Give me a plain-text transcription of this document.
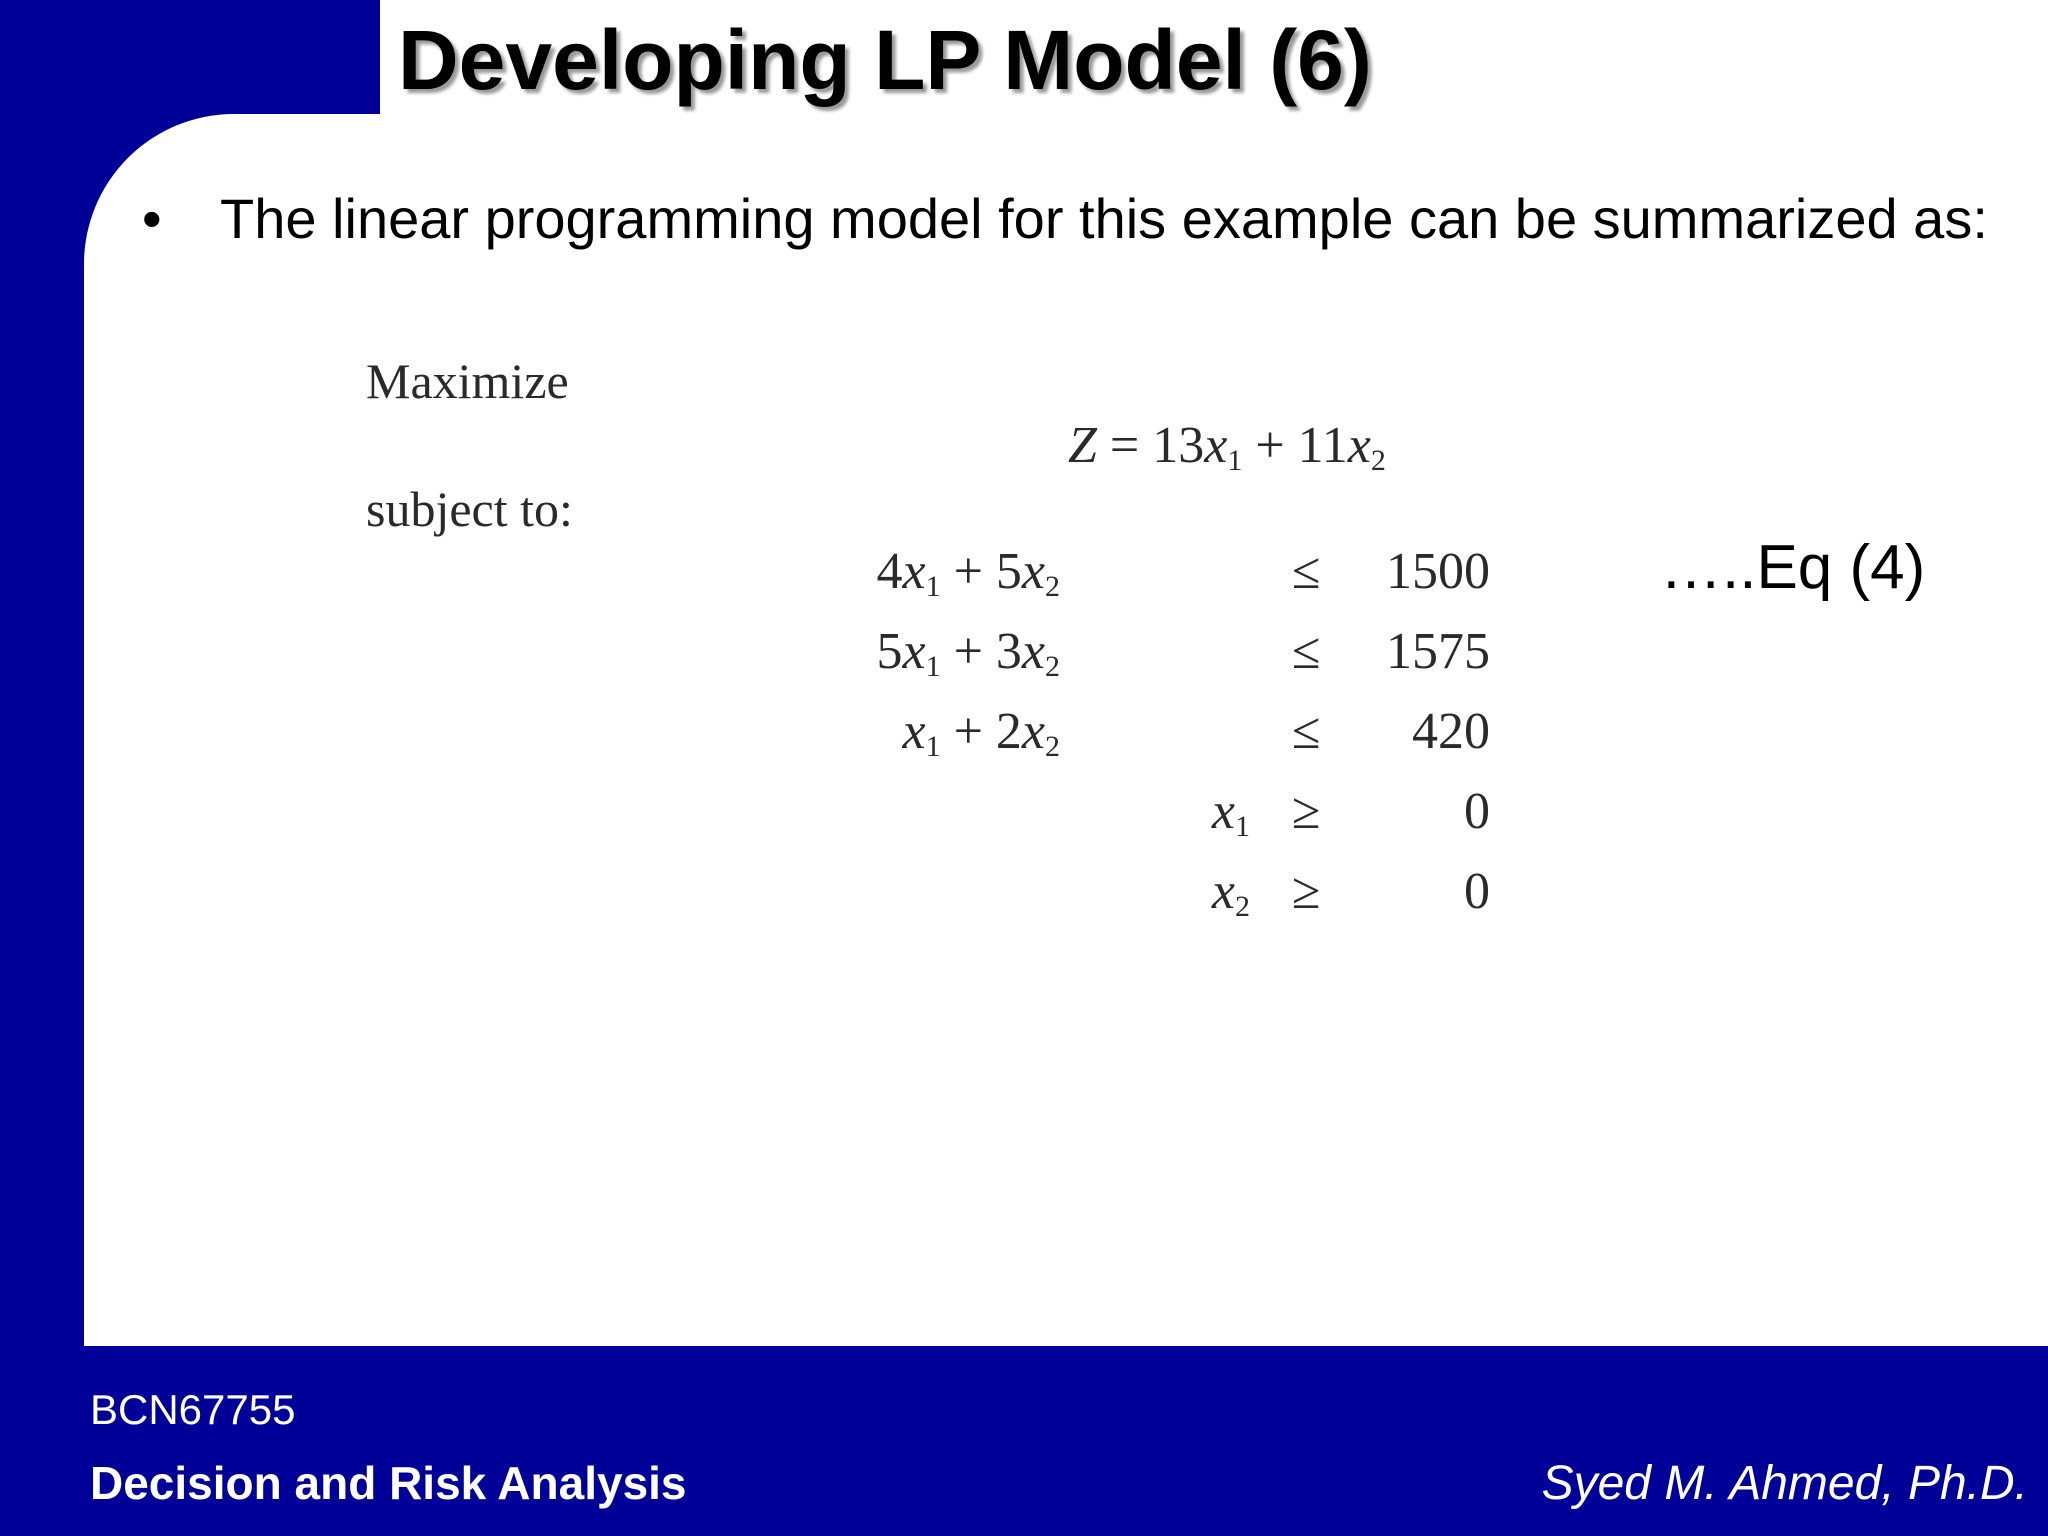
Developing LP Model (6)
• The linear programming model for this example can be summarized as:
Maximize
subject to:
$Z = 13x_1 + 11x_2$
$4x_1 + 5x_2$	≤	1500
$5x_1 + 3x_2$	≤	1575
$x_1 + 2x_2$	≤	420
$x_1$ ≥	0
$x_2$ ≥	0
…..Eq (4)
BCN67755
Decision and Risk Analysis	Syed M. Ahmed, Ph.D.
